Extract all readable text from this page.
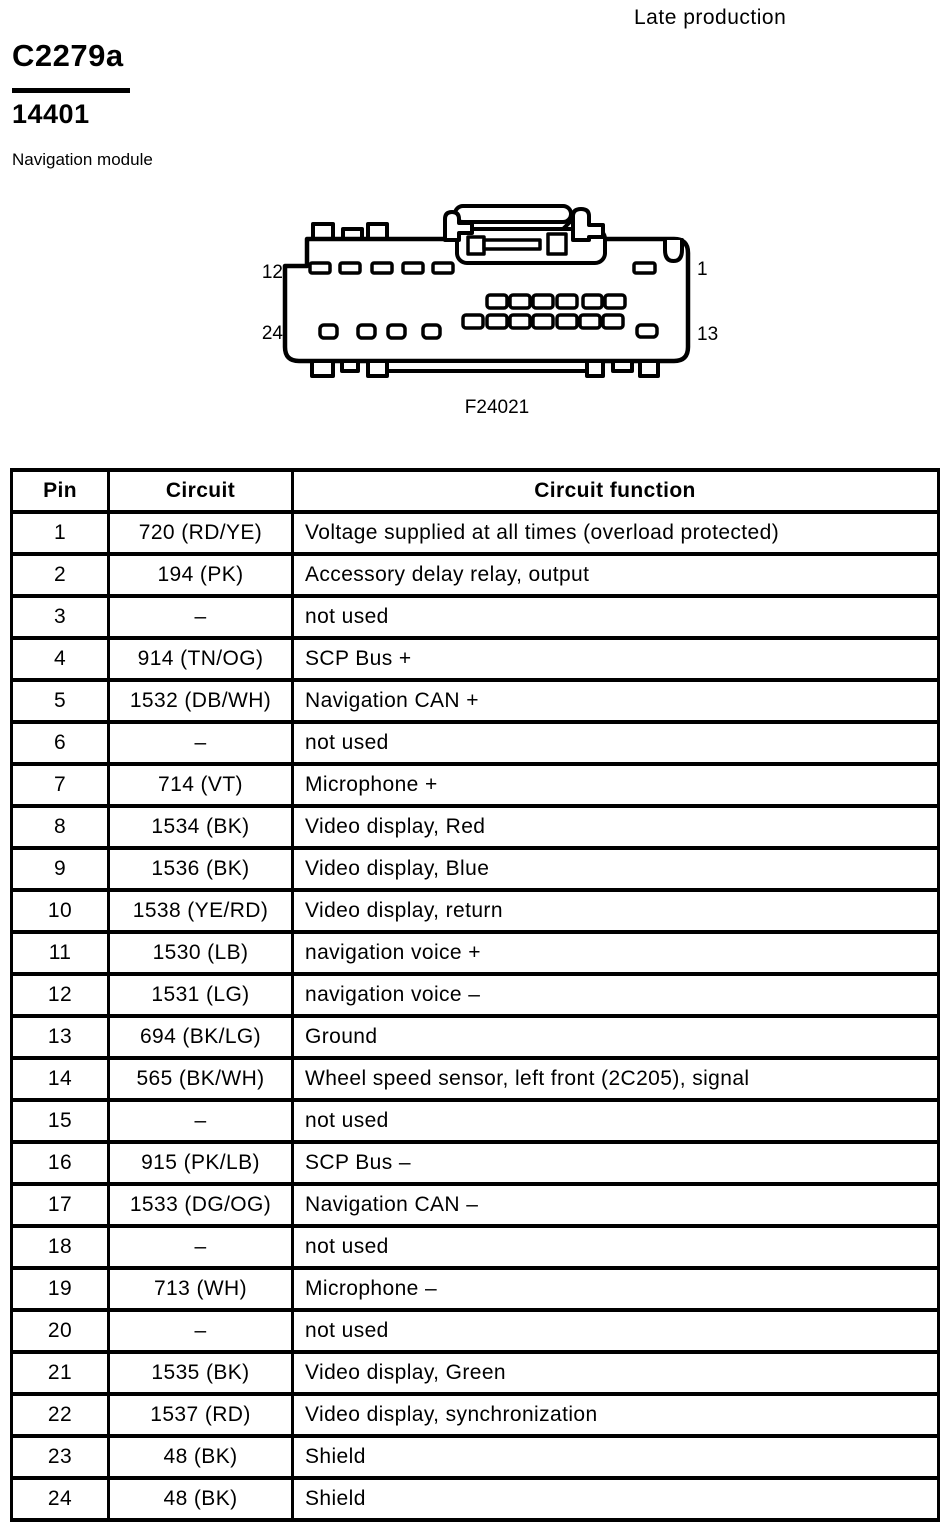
Late production
C2279a
14401
Navigation module
12	1
24	13
F24021
Pin	Circuit	Circuit function
1	720 (RD/YE)	Voltage supplied at all times (overload protected)
2	194 (PK)	Accessory delay relay, output
3	–	not used
4	914 (TN/OG)	SCP Bus +
5	1532 (DB/WH)	Navigation CAN +
6	–	not used
7	714 (VT)	Microphone +
8	1534 (BK)	Video display, Red
9	1536 (BK)	Video display, Blue
10	1538 (YE/RD)	Video display, return
11	1530 (LB)	navigation voice +
12	1531 (LG)	navigation voice –
13	694 (BK/LG)	Ground
14	565 (BK/WH)	Wheel speed sensor, left front (2C205), signal
15	–	not used
16	915 (PK/LB)	SCP Bus –
17	1533 (DG/OG)	Navigation CAN –
18	–	not used
19	713 (WH)	Microphone –
20	–	not used
21	1535 (BK)	Video display, Green
22	1537 (RD)	Video display, synchronization
23	48 (BK)	Shield
24	48 (BK)	Shield
